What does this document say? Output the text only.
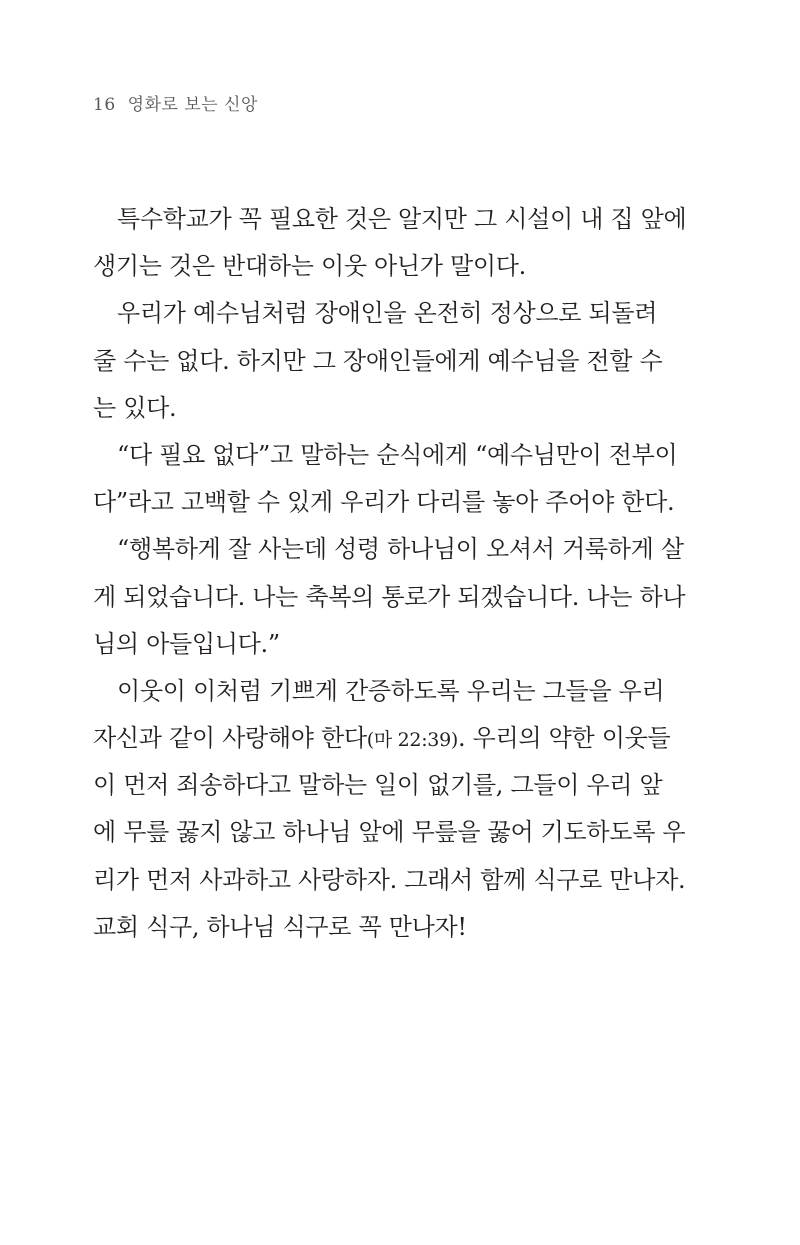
16 영화로 보는 신앙
특수학교가 꼭 필요한 것은 알지만 그 시설이 내 집 앞에
생기는 것은 반대하는 이웃 아닌가 말이다.
우리가 예수님처럼 장애인을 온전히 정상으로 되돌려
줄 수는 없다. 하지만 그 장애인들에게 예수님을 전할 수
는 있다.
“다 필요 없다”고 말하는 순식에게 “예수님만이 전부이
다”라고 고백할 수 있게 우리가 다리를 놓아 주어야 한다.
“행복하게 잘 사는데 성령 하나님이 오셔서 거룩하게 살
게 되었습니다. 나는 축복의 통로가 되겠습니다. 나는 하나
님의 아들입니다.”
이웃이 이처럼 기쁘게 간증하도록 우리는 그들을 우리
자신과 같이 사랑해야 한다(마 22:39). 우리의 약한 이웃들
이 먼저 죄송하다고 말하는 일이 없기를, 그들이 우리 앞
에 무릎 꿇지 않고 하나님 앞에 무릎을 꿇어 기도하도록 우
리가 먼저 사과하고 사랑하자. 그래서 함께 식구로 만나자.
교회 식구, 하나님 식구로 꼭 만나자!
